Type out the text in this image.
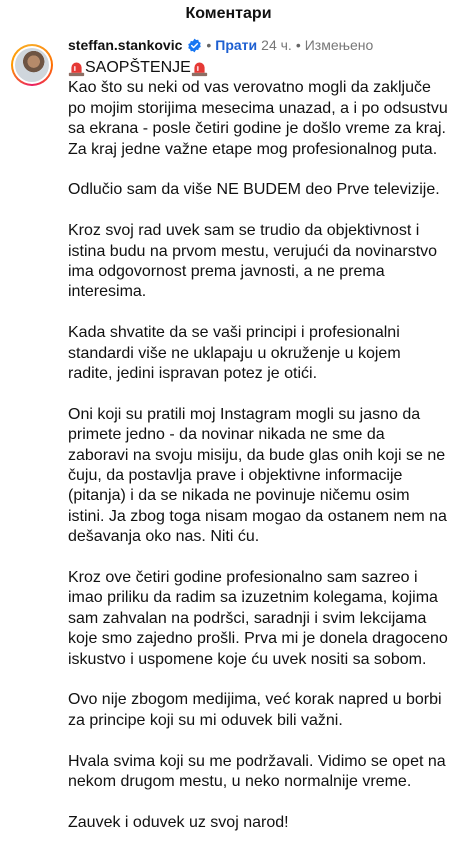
Коментари
steffan.stankovic • Прати 24 ч. • Измењено
SAOPŠTENJE

Kao što su neki od vas verovatno mogli da zaključe po mojim storijima mesecima unazad, a i po odsustvu sa ekrana - posle četiri godine je došlo vreme za kraj.
Za kraj jedne važne etape mog profesionalnog puta.

Odlučio sam da više NE BUDEM deo Prve televizije.

Kroz svoj rad uvek sam se trudio da objektivnost i istina budu na prvom mestu, verujući da novinarstvo ima odgovornost prema javnosti, a ne prema interesima.

Kada shvatite da se vaši principi i profesionalni standardi više ne uklapaju u okruženje u kojem radite, jedini ispravan potez je otići.

Oni koji su pratili moj Instagram mogli su jasno da primete jedno - da novinar nikada ne sme da zaboravi na svoju misiju, da bude glas onih koji se ne čuju, da postavlja prave i objektivne informacije (pitanja) i da se nikada ne povinuje ničemu osim istini. Ja zbog toga nisam mogao da ostanem nem na dešavanja oko nas. Niti ću.

Kroz ove četiri godine profesionalno sam sazreo i imao priliku da radim sa izuzetnim kolegama, kojima sam zahvalan na podršci, saradnji i svim lekcijama koje smo zajedno prošli. Prva mi je donela dragoceno iskustvo i uspomene koje ću uvek nositi sa sobom.

Ovo nije zbogom medijima, već korak napred u borbi za principe koji su mi oduvek bili važni.

Hvala svima koji su me podržavali. Vidimo se opet na nekom drugom mestu, u neko normalnije vreme.

Zauvek i oduvek uz svoj narod!
